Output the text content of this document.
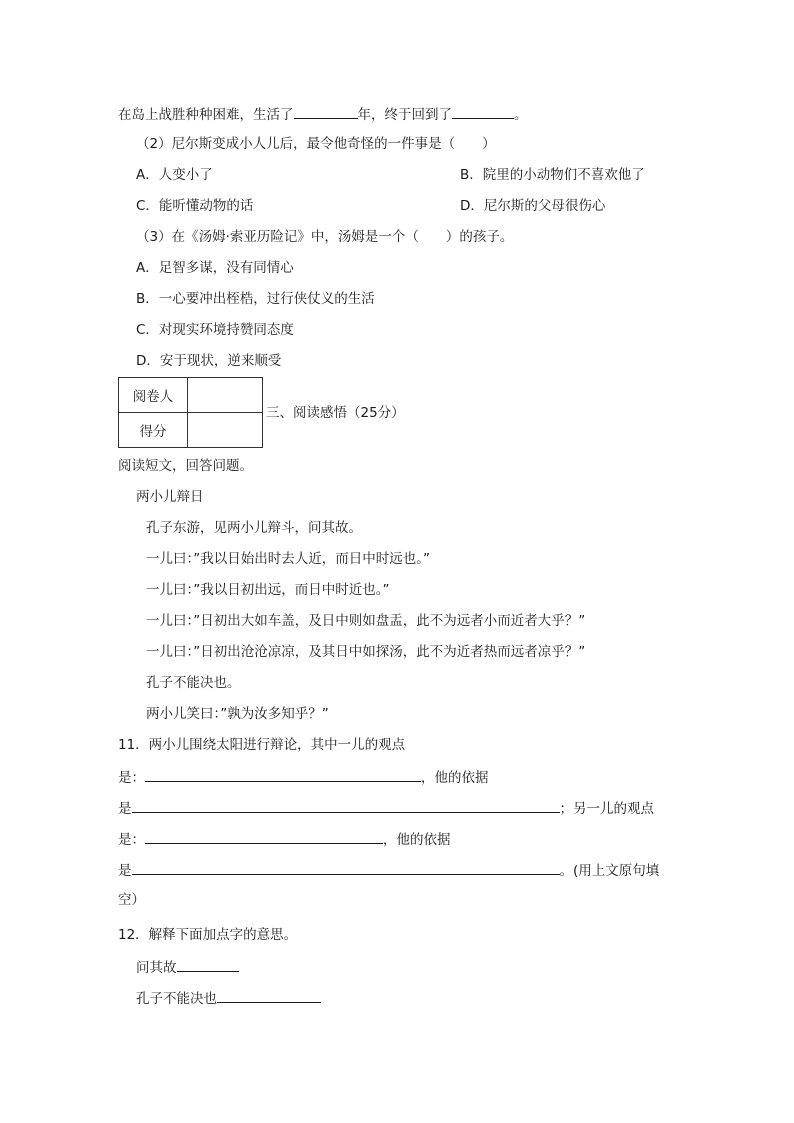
在岛上战胜种种困难，生活了	年，终于回到了	。
（2）尼尔斯变成小人儿后，最令他奇怪的一件事是（　　）
A．人变小了	B．院里的小动物们不喜欢他了
C．能听懂动物的话	D．尼尔斯的父母很伤心
（3）在《汤姆·索亚历险记》中，汤姆是一个（　　）的孩子。
A．足智多谋，没有同情心
B．一心要冲出桎梏，过行侠仗义的生活
C．对现实环境持赞同态度
D．安于现状，逆来顺受
阅卷人	
得分	
三、阅读感悟（25分）
阅读短文，回答问题。
两小儿辩日
孔子东游，见两小儿辩斗，问其故。
一儿曰：”我以日始出时去人近，而日中时远也。”
一儿曰：”我以日初出远，而日中时近也。”
一儿曰：”日初出大如车盖，及日中则如盘盂，此不为远者小而近者大乎？”
一儿曰：”日初出沧沧凉凉，及其日中如探汤，此不为近者热而远者凉乎？”
孔子不能决也。
两小儿笑曰：”孰为汝多知乎？”
11．两小儿围绕太阳进行辩论，其中一儿的观点
是：	，他的依据
是	；另一儿的观点
是：	，他的依据
是	。(用上文原句填
空）
12．解释下面加点字的意思。
问其故
孔子不能决也
